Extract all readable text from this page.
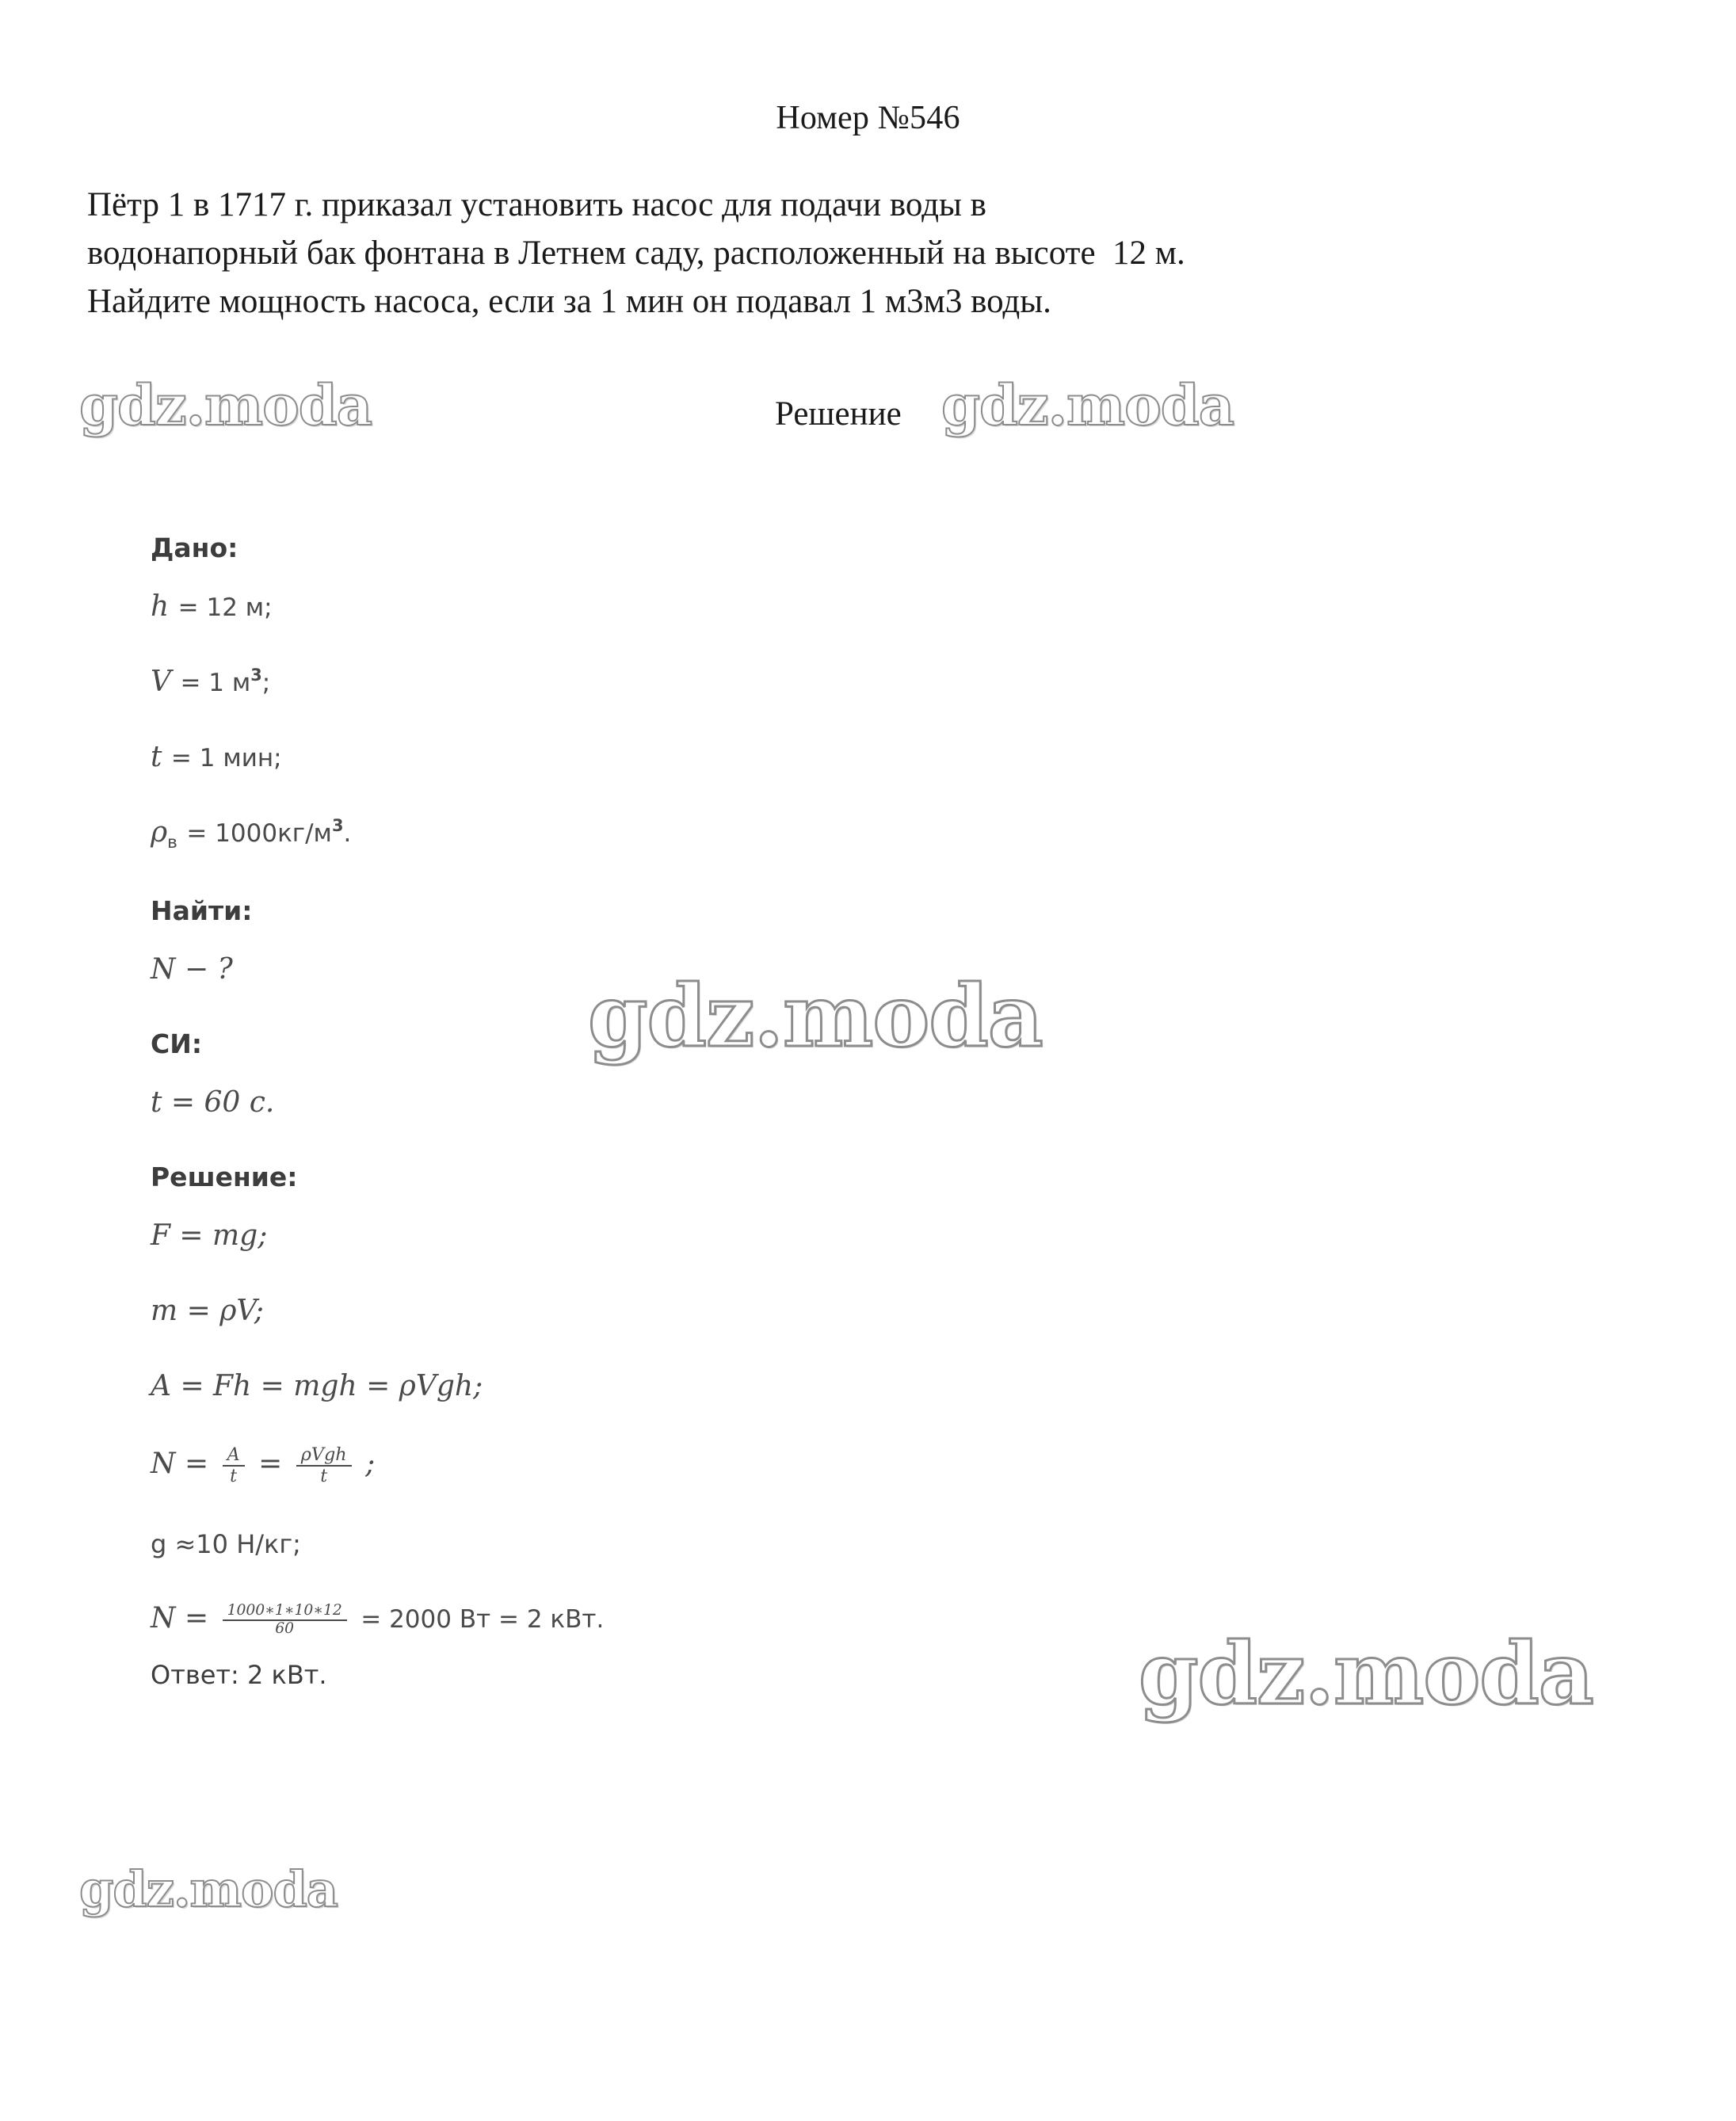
Номер №546
Пётр 1 в 1717 г. приказал установить насос для подачи воды в
водонапорный бак фонтана в Летнем саду, расположенный на высоте  12 м.
Найдите мощность насоса, если за 1 мин он подавал 1 м3м3 воды.
Решение

Дано:

h = 12 м;

V = 1 $м^3$;

t = 1 мин;

$\rho_в = 1000кг/м^3$.

Найти:

N − ?

СИ:

t = 60 с.

Решение:

F = mg;

m = ρV;

A = Fh = mgh = ρVgh;

$N = \frac{A}{t} = \frac{\text{ρVgh}}{t}$ ;

g ≈10 Н/кг;

$N = \frac{1000∗1∗10∗12}{60} = 2000$ Вт = 2 кВт.

Ответ: 2 кВт.

gdz.moda	gdz.moda
gdz.moda
gdz.moda
gdz.moda
